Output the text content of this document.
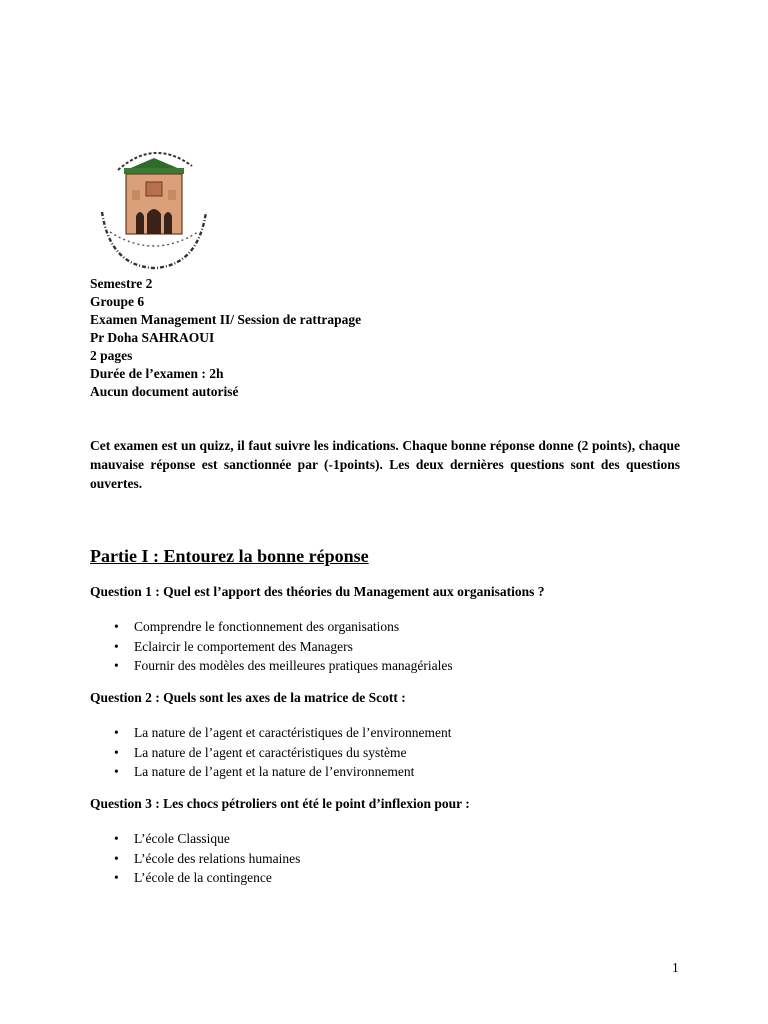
Semestre 2
Groupe 6
Examen Management II/ Session de rattrapage
Pr Doha SAHRAOUI
2 pages
Durée de l’examen : 2h
Aucun document autorisé
Cet examen est un quizz, il faut suivre les indications. Chaque bonne réponse donne (2 points), chaque mauvaise réponse est sanctionnée par (-1points). Les deux dernières questions sont des questions ouvertes.
Partie I : Entourez la bonne réponse
Question 1 : Quel est l’apport des théories du Management aux organisations ?
• Comprendre le fonctionnement des organisations
• Eclaircir le comportement des Managers
• Fournir des modèles des meilleures pratiques managériales
Question 2 : Quels sont les axes de la matrice de Scott :
• La nature de l’agent et caractéristiques de l’environnement
• La nature de l’agent et caractéristiques du système
• La nature de l’agent et la nature de l’environnement
Question 3 : Les chocs pétroliers ont été le point d’inflexion pour :
• L’école Classique
• L’école des relations humaines
• L’école de la contingence
1
